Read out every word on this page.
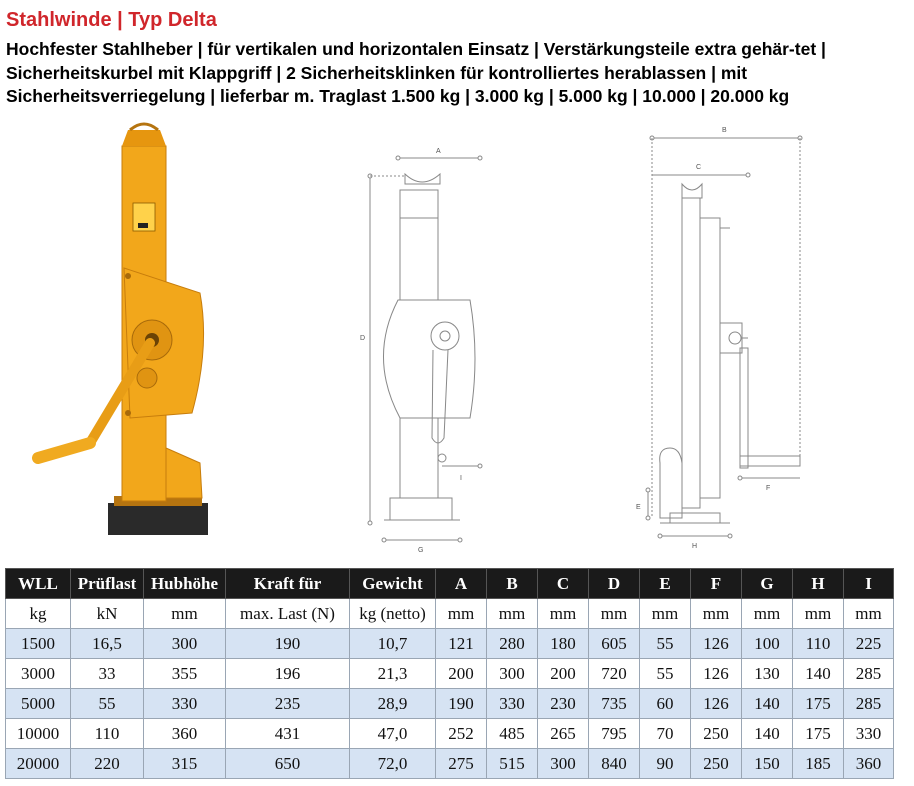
Stahlwinde | Typ Delta
Hochfester Stahlheber | für vertikalen und horizontalen Einsatz | Verstärkungsteile extra gehär-tet | Sicherheitskurbel mit Klappgriff | 2 Sicherheitsklinken für kontrolliertes herablassen | mit Sicherheitsverriegelung | lieferbar m. Traglast 1.500 kg | 3.000 kg | 5.000 kg | 10.000 | 20.000 kg
A
D
I
G
B
C
E
F
H
WLL	Prüflast	Hubhöhe	Kraft für	Gewicht	A	B	C	D	E	F	G	H	I
kg	kN	mm	max. Last (N)	kg (netto)	mm	mm	mm	mm	mm	mm	mm	mm	mm
1500	16,5	300	190	10,7	121	280	180	605	55	126	100	110	225
3000	33	355	196	21,3	200	300	200	720	55	126	130	140	285
5000	55	330	235	28,9	190	330	230	735	60	126	140	175	285
10000	110	360	431	47,0	252	485	265	795	70	250	140	175	330
20000	220	315	650	72,0	275	515	300	840	90	250	150	185	360
